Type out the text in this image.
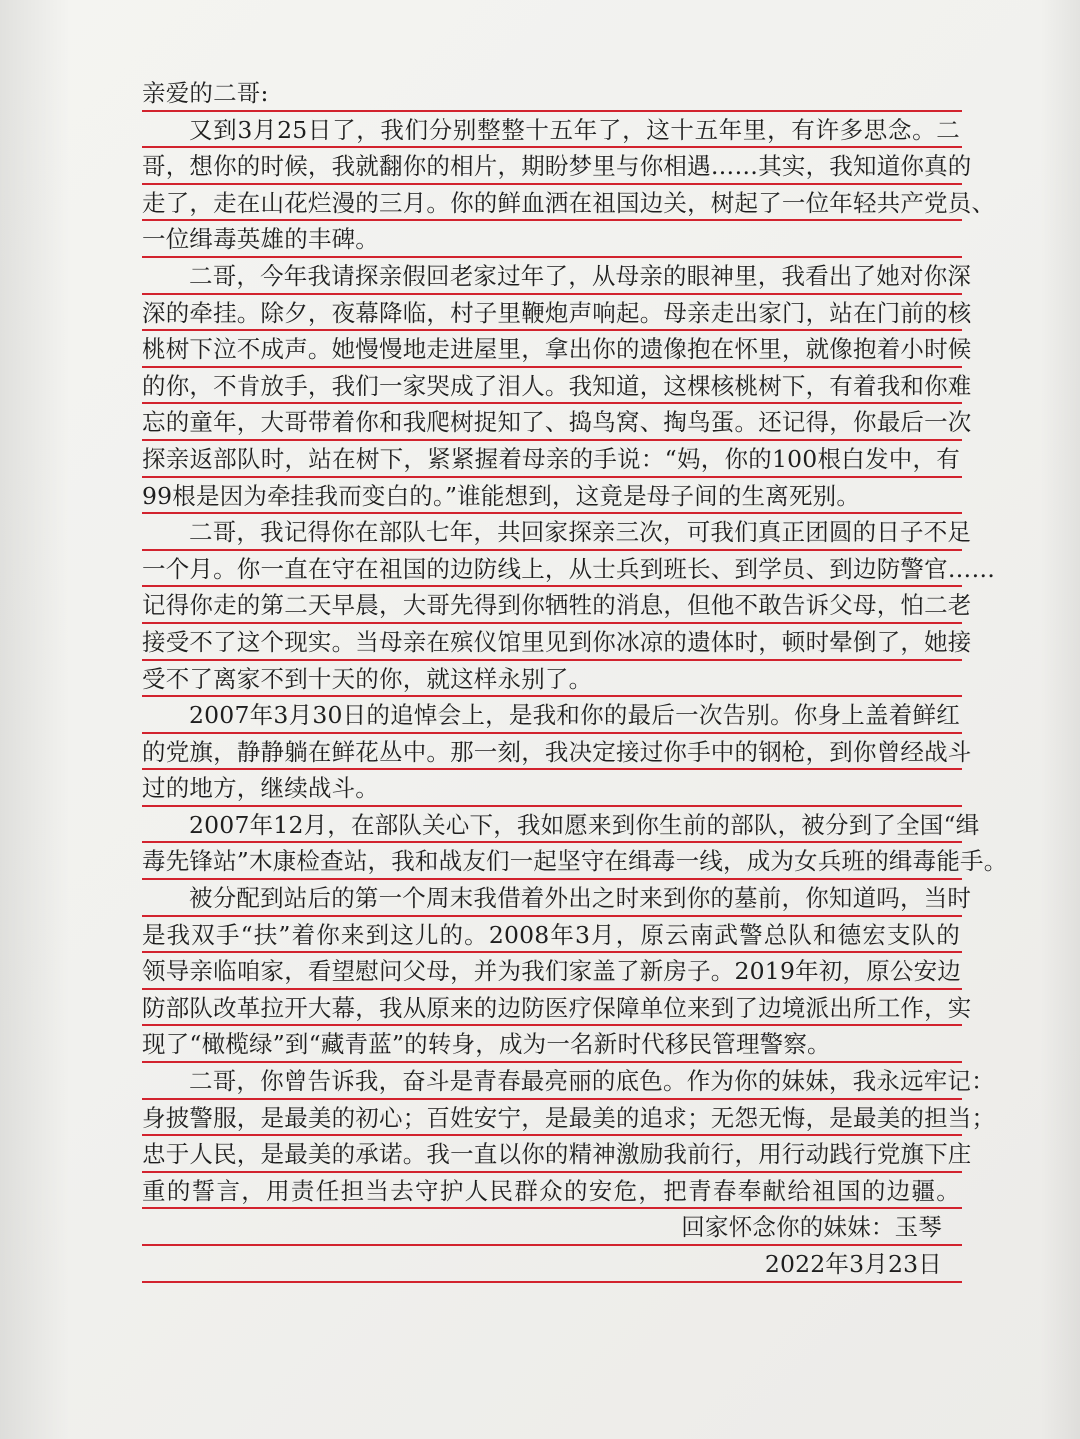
亲爱的二哥:
又到3月25日了，我们分别整整十五年了，这十五年里，有许多思念。二
哥，想你的时候，我就翻你的相片，期盼梦里与你相遇……其实，我知道你真的
走了，走在山花烂漫的三月。你的鲜血洒在祖国边关，树起了一位年轻共产党员、
一位缉毒英雄的丰碑。
二哥，今年我请探亲假回老家过年了，从母亲的眼神里，我看出了她对你深
深的牵挂。除夕，夜幕降临，村子里鞭炮声响起。母亲走出家门，站在门前的核
桃树下泣不成声。她慢慢地走进屋里，拿出你的遗像抱在怀里，就像抱着小时候
的你，不肯放手，我们一家哭成了泪人。我知道，这棵核桃树下，有着我和你难
忘的童年，大哥带着你和我爬树捉知了、捣鸟窝、掏鸟蛋。还记得，你最后一次
探亲返部队时，站在树下，紧紧握着母亲的手说：“妈，你的100根白发中，有
99根是因为牵挂我而变白的。”谁能想到，这竟是母子间的生离死别。
二哥，我记得你在部队七年，共回家探亲三次，可我们真正团圆的日子不足
一个月。你一直在守在祖国的边防线上，从士兵到班长、到学员、到边防警官……
记得你走的第二天早晨，大哥先得到你牺牲的消息，但他不敢告诉父母，怕二老
接受不了这个现实。当母亲在殡仪馆里见到你冰凉的遗体时，顿时晕倒了，她接
受不了离家不到十天的你，就这样永别了。
2007年3月30日的追悼会上，是我和你的最后一次告别。你身上盖着鲜红
的党旗，静静躺在鲜花丛中。那一刻，我决定接过你手中的钢枪，到你曾经战斗
过的地方，继续战斗。
2007年12月，在部队关心下，我如愿来到你生前的部队，被分到了全国“缉
毒先锋站”木康检查站，我和战友们一起坚守在缉毒一线，成为女兵班的缉毒能手。
被分配到站后的第一个周末我借着外出之时来到你的墓前，你知道吗，当时
是我双手“扶”着你来到这儿的。2008年3月，原云南武警总队和德宏支队的
领导亲临咱家，看望慰问父母，并为我们家盖了新房子。2019年初，原公安边
防部队改革拉开大幕，我从原来的边防医疗保障单位来到了边境派出所工作，实
现了“橄榄绿”到“藏青蓝”的转身，成为一名新时代移民管理警察。
二哥，你曾告诉我，奋斗是青春最亮丽的底色。作为你的妹妹，我永远牢记：
身披警服，是最美的初心；百姓安宁，是最美的追求；无怨无悔，是最美的担当；
忠于人民，是最美的承诺。我一直以你的精神激励我前行，用行动践行党旗下庄
重的誓言，用责任担当去守护人民群众的安危，把青春奉献给祖国的边疆。
回家怀念你的妹妹：玉琴
2022年3月23日
